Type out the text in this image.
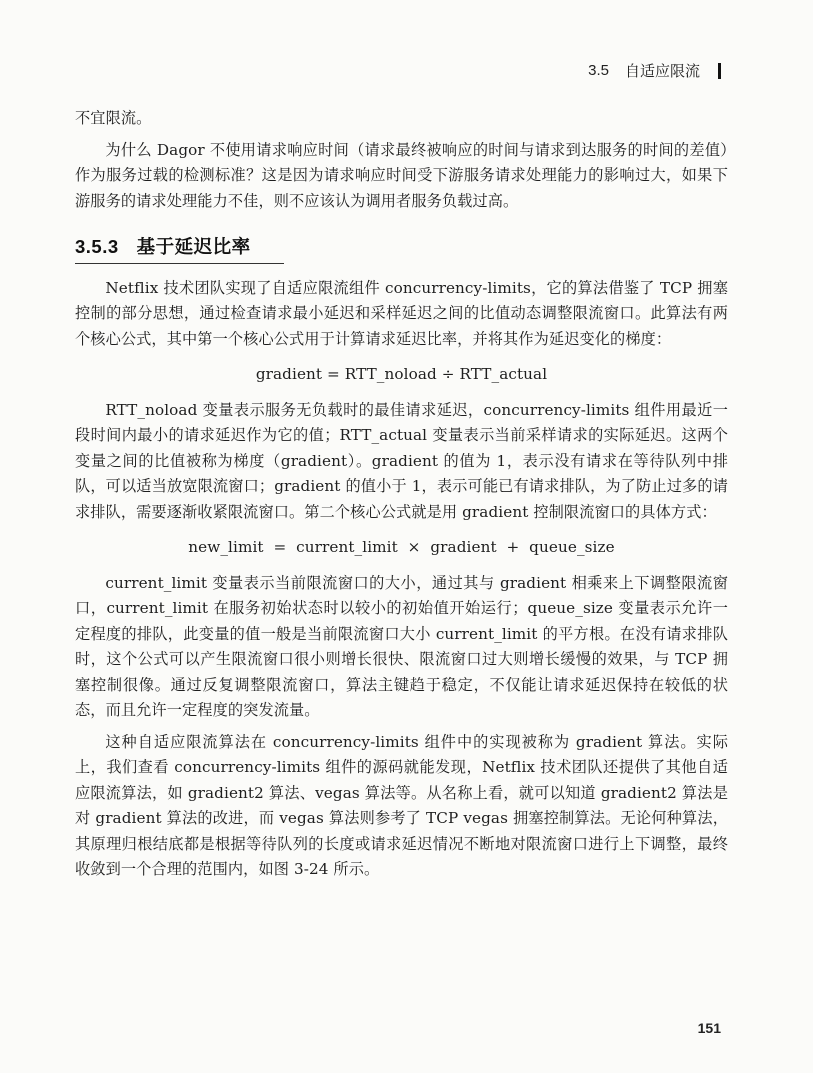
3.5 自适应限流

不宜限流。

为什么 Dagor 不使用请求响应时间（请求最终被响应的时间与请求到达服务的时间的差值）作为服务过载的检测标准？这是因为请求响应时间受下游服务请求处理能力的影响过大，如果下游服务的请求处理能力不佳，则不应该认为调用者服务负载过高。

3.5.3 基于延迟比率

Netflix 技术团队实现了自适应限流组件 concurrency-limits，它的算法借鉴了 TCP 拥塞控制的部分思想，通过检查请求最小延迟和采样延迟之间的比值动态调整限流窗口。此算法有两个核心公式，其中第一个核心公式用于计算请求延迟比率，并将其作为延迟变化的梯度：

gradient = RTT_noload ÷ RTT_actual

RTT_noload 变量表示服务无负载时的最佳请求延迟，concurrency-limits 组件用最近一段时间内最小的请求延迟作为它的值；RTT_actual 变量表示当前采样请求的实际延迟。这两个变量之间的比值被称为梯度（gradient）。gradient 的值为 1，表示没有请求在等待队列中排队，可以适当放宽限流窗口；gradient 的值小于 1，表示可能已有请求排队，为了防止过多的请求排队，需要逐渐收紧限流窗口。第二个核心公式就是用 gradient 控制限流窗口的具体方式：

new_limit  =  current_limit  ×  gradient  +  queue_size

current_limit 变量表示当前限流窗口的大小，通过其与 gradient 相乘来上下调整限流窗口，current_limit 在服务初始状态时以较小的初始值开始运行；queue_size 变量表示允许一定程度的排队，此变量的值一般是当前限流窗口大小 current_limit 的平方根。在没有请求排队时，这个公式可以产生限流窗口很小则增长很快、限流窗口过大则增长缓慢的效果，与 TCP 拥塞控制很像。通过反复调整限流窗口，算法主键趋于稳定，不仅能让请求延迟保持在较低的状态，而且允许一定程度的突发流量。

这种自适应限流算法在 concurrency-limits 组件中的实现被称为 gradient 算法。实际上，我们查看 concurrency-limits 组件的源码就能发现，Netflix 技术团队还提供了其他自适应限流算法，如 gradient2 算法、vegas 算法等。从名称上看，就可以知道 gradient2 算法是对 gradient 算法的改进，而 vegas 算法则参考了 TCP vegas 拥塞控制算法。无论何种算法，其原理归根结底都是根据等待队列的长度或请求延迟情况不断地对限流窗口进行上下调整，最终收敛到一个合理的范围内，如图 3-24 所示。

151
